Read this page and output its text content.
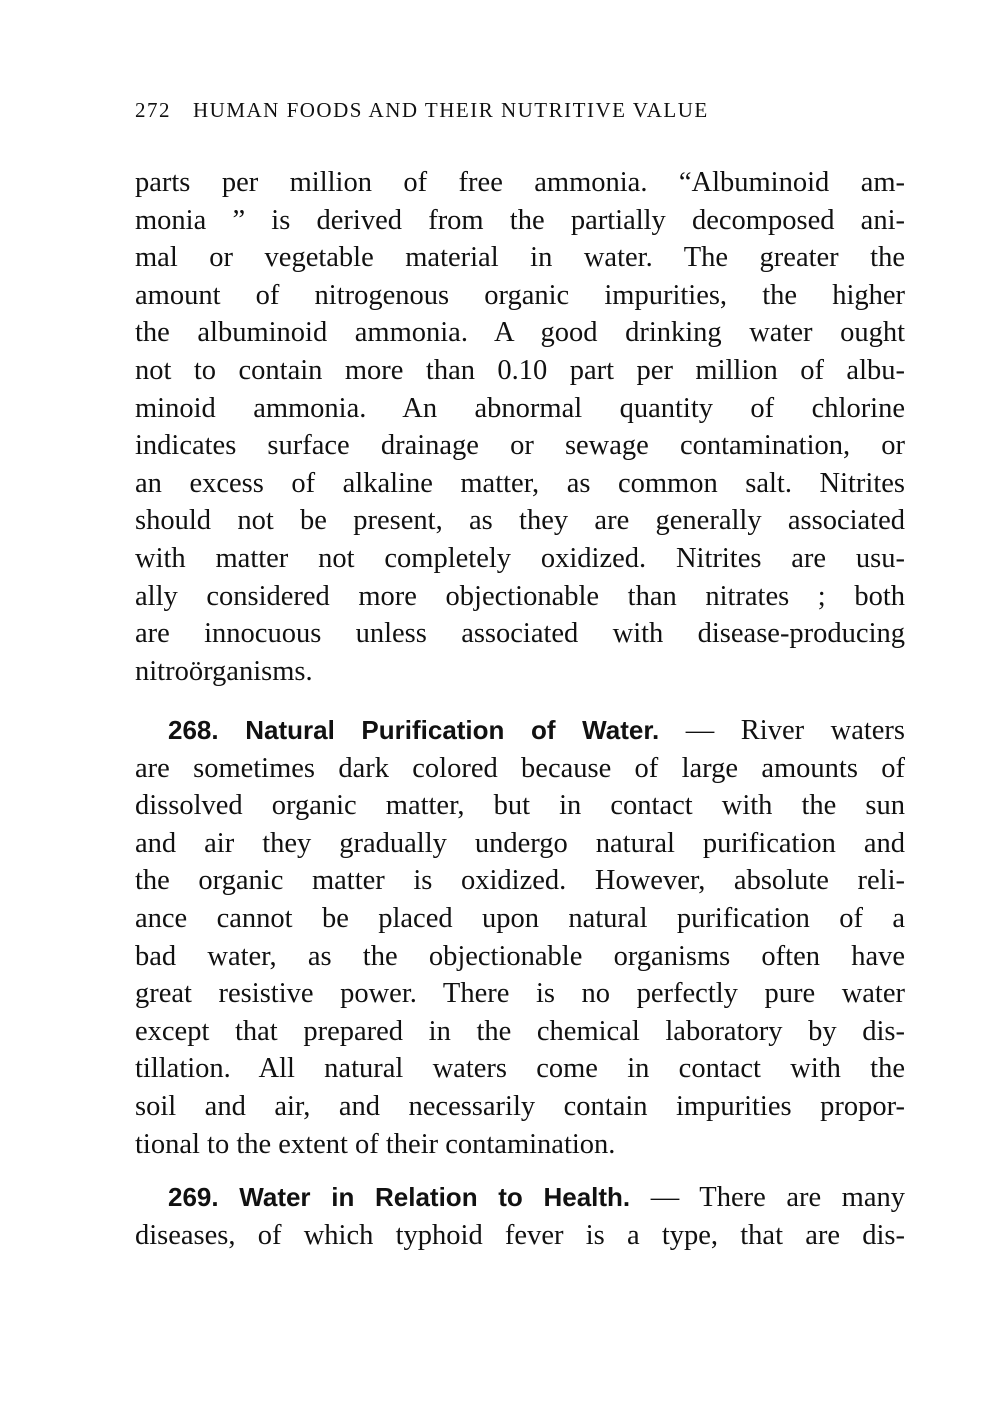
272 HUMAN FOODS AND THEIR NUTRITIVE VALUE
parts per million of free ammonia. “Albuminoid am-
monia ” is derived from the partially decomposed ani-
mal or vegetable material in water. The greater the
amount of nitrogenous organic impurities, the higher
the albuminoid ammonia. A good drinking water ought
not to contain more than 0.10 part per million of albu-
minoid ammonia. An abnormal quantity of chlorine
indicates surface drainage or sewage contamination, or
an excess of alkaline matter, as common salt. Nitrites
should not be present, as they are generally associated
with matter not completely oxidized. Nitrites are usu-
ally considered more objectionable than nitrates ; both
are innocuous unless associated with disease-producing
nitroörganisms.
268. Natural Purification of Water. — River waters
are sometimes dark colored because of large amounts of
dissolved organic matter, but in contact with the sun
and air they gradually undergo natural purification and
the organic matter is oxidized. However, absolute reli-
ance cannot be placed upon natural purification of a
bad water, as the objectionable organisms often have
great resistive power. There is no perfectly pure water
except that prepared in the chemical laboratory by dis-
tillation. All natural waters come in contact with the
soil and air, and necessarily contain impurities propor-
tional to the extent of their contamination.
269. Water in Relation to Health. — There are many
diseases, of which typhoid fever is a type, that are dis-
